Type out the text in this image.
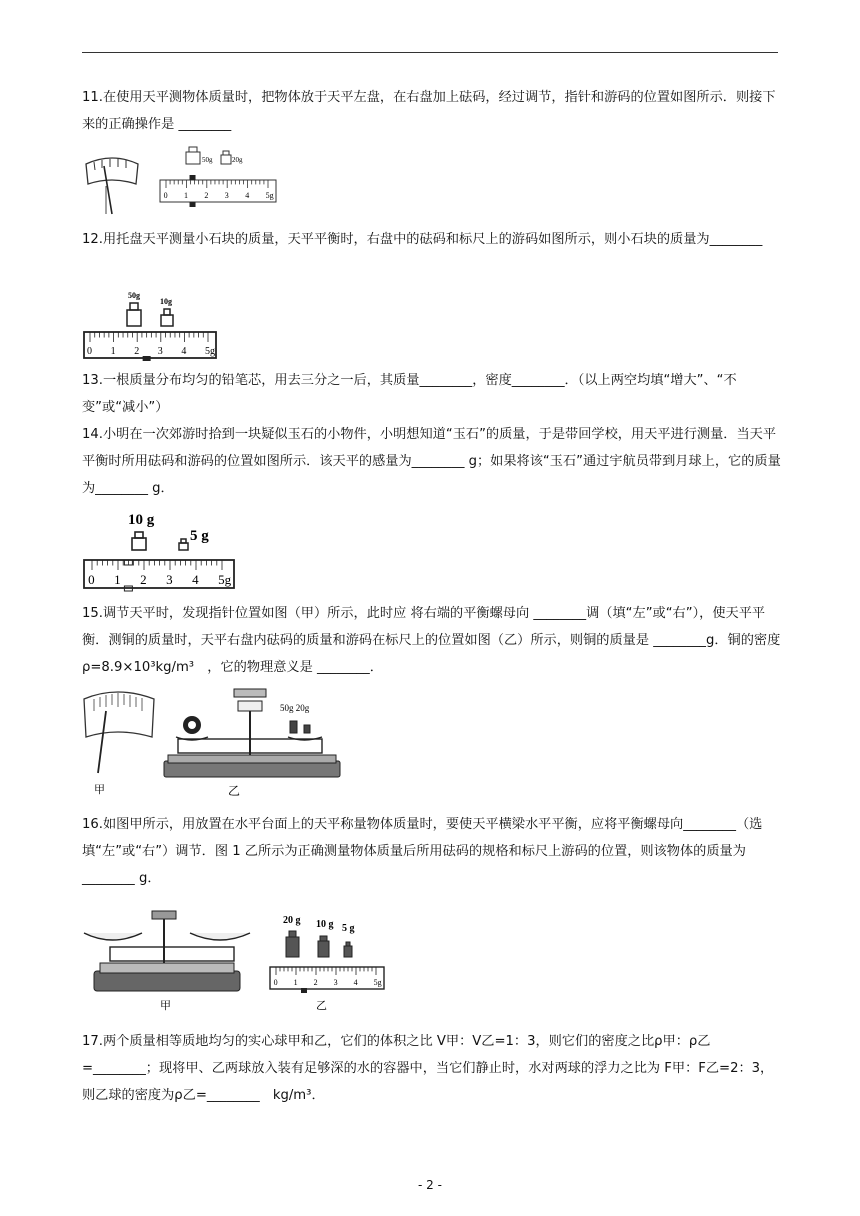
11.在使用天平测物体质量时，把物体放于天平左盘，在右盘加上砝码，经过调节，指针和游码的位置如图所示．则接下来的正确操作是 ________
50g	20g
0 1 2 3 4 5g
12.用托盘天平测量小石块的质量，天平平衡时，右盘中的砝码和标尺上的游码如图所示，则小石块的质量为________
50g
10g
0 1 2 3 4 5g
13.一根质量分布均匀的铅笔芯，用去三分之一后，其质量________，密度________．（以上两空均填“增大”、“不变”或“减小”）
14.小明在一次郊游时拾到一块疑似玉石的小物件，小明想知道“玉石”的质量，于是带回学校，用天平进行测量．当天平平衡时所用砝码和游码的位置如图所示．该天平的感量为________ g；如果将该“玉石”通过宇航员带到月球上，它的质量为________ g．
10 g
5 g
0 1 2 3 4 5g
15.调节天平时，发现指针位置如图（甲）所示，此时应 将右端的平衡螺母向 ________调（填“左”或“右”），使天平平衡．测铜的质量时，天平右盘内砝码的质量和游码在标尺上的位置如图（乙）所示，则铜的质量是 ________g．铜的密度ρ=8.9×10³kg/m³　，它的物理意义是 ________．
甲
50g 20g
乙
16.如图甲所示，用放置在水平台面上的天平称量物体质量时，要使天平横梁水平平衡，应将平衡螺母向________（选填“左”或“右”）调节．图 1 乙所示为正确测量物体质量后所用砝码的规格和标尺上游码的位置，则该物体的质量为　________ g．
甲
20 g 10 g 5 g
0 1 2 3 4 5g
乙
17.两个质量相等质地均匀的实心球甲和乙，它们的体积之比 V甲：V乙=1：3，则它们的密度之比ρ甲：ρ乙=________；现将甲、乙两球放入装有足够深的水的容器中，当它们静止时，水对两球的浮力之比为 F甲：F乙=2：3，则乙球的密度为ρ乙=________　kg/m³．
- 2 -
